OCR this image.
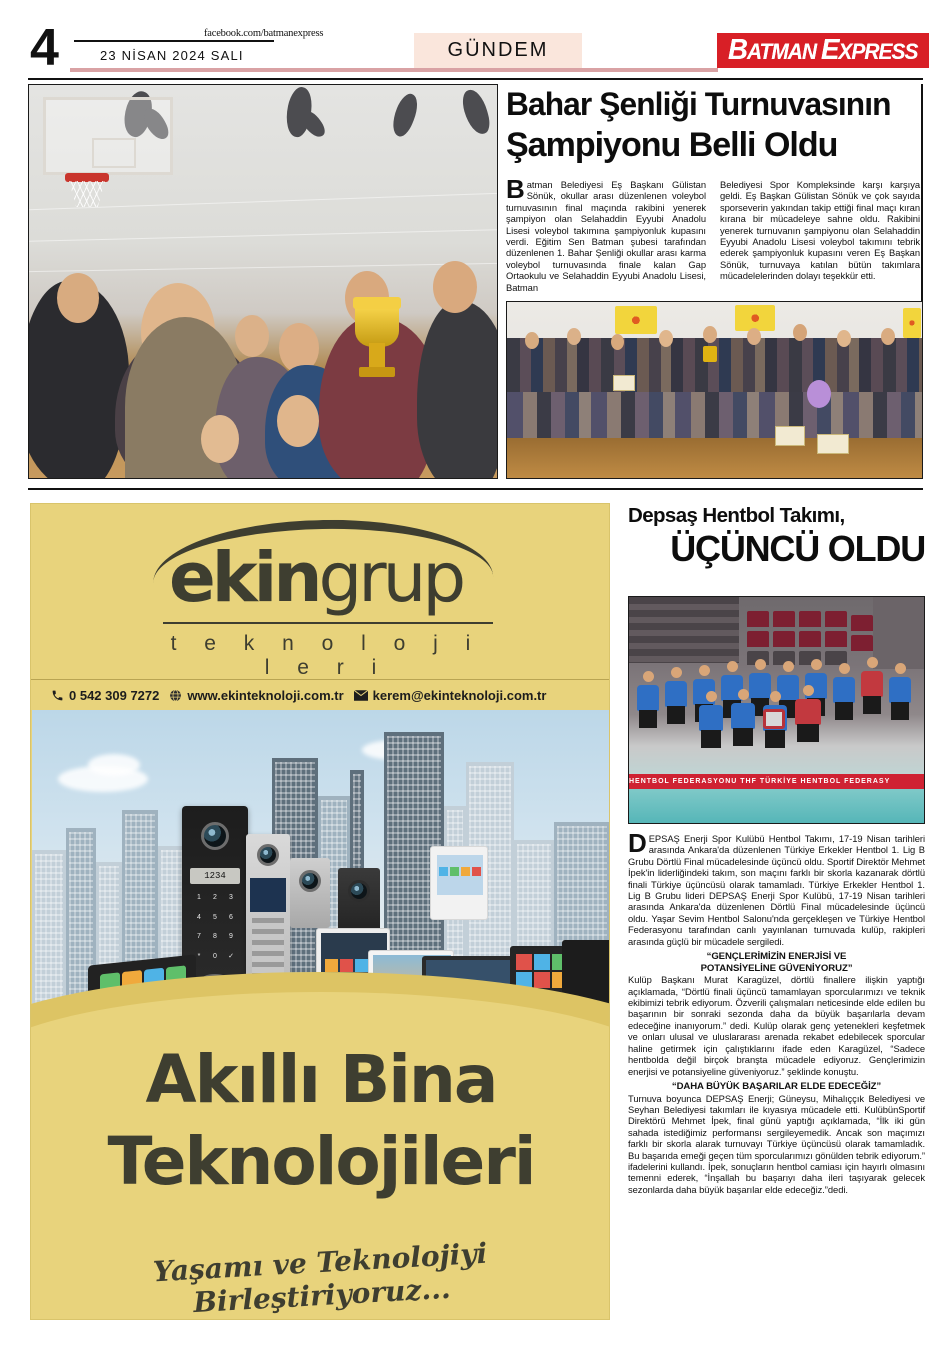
4	facebook.com/batmanexpress
23 NİSAN 2024 SALI	GÜNDEM	BATMAN EXPRESS
Bahar Şenliği Turnuvasının
Şampiyonu Belli Oldu
Batman Belediyesi Eş Başkanı Gülistan Sönük, okullar arası düzenlenen voleybol turnuvasının final maçında rakibini yenerek şampiyon olan Selahaddin Eyyubi Anadolu Lisesi voleybol takımına şampiyonluk kupasını verdi. Eğitim Sen Batman şubesi tarafından düzenlenen 1. Bahar Şenliği okullar arası karma voleybol turnuvasında finale kalan Gap Ortaokulu ve Selahaddin Eyyubi Anadolu Lisesi, Batman
Belediyesi Spor Kompleksinde karşı karşıya geldi. Eş Başkan Gülistan Sönük ve çok sayıda sporseverin yakından takip ettiği final maçı kıran kırana bir mücadeleye sahne oldu. Rakibini yenerek turnuvanın şampiyonu olan Selahaddin Eyyubi Anadolu Lisesi voleybol takımını tebrik ederek şampiyonluk kupasını veren Eş Başkan Sönük, turnuvaya katılan bütün takımlara mücadelelerinden dolayı teşekkür etti.
ekingrup
t e k n o l o j i l e r i
0 542 309 7272 www.ekinteknoloji.com.tr kerem@ekinteknoloji.com.tr
1234
1	2	3
4	5	6
7	8	9
*	0	✓
Akıllı Bina
Teknolojileri
Yaşamı ve Teknolojiyi Birleştiriyoruz...
Depsaş Hentbol Takımı,
ÜÇÜNCÜ OLDU
HENTBOL FEDERASYONU THF TÜRKİYE HENTBOL FEDERASY

DEPSAŞ Enerji Spor Kulübü Hentbol Takımı, 17-19 Nisan tarihleri arasında Ankara'da düzenlenen Türkiye Erkekler Hentbol 1. Lig B Grubu Dörtlü Final mücadelesinde üçüncü oldu. Sportif Direktör Mehmet İpek'in liderliğindeki takım, son maçını farklı bir skorla kazanarak dörtlü finali Türkiye üçüncüsü olarak tamamladı. Türkiye Erkekler Hentbol 1. Lig B Grubu lideri DEPSAŞ Enerji Spor Kulübü, 17-19 Nisan tarihleri arasında Ankara'da düzenlenen Dörtlü Final mücadelesinde üçüncü oldu. Yaşar Sevim Hentbol Salonu'nda gerçekleşen ve Türkiye Hentbol Federasyonu tarafından canlı yayınlanan turnuvada kulüp, rakipleri arasında güçlü bir mücadele sergiledi.

“GENÇLERİMİZİN ENERJİSİ VE
POTANSİYELİNE GÜVENİYORUZ”

Kulüp Başkanı Murat Karagüzel, dörtlü finallere ilişkin yaptığı açıklamada, “Dörtlü finali üçüncü tamamlayan sporcularımızı ve teknik ekibimizi tebrik ediyorum. Özverili çalışmaları neticesinde elde edilen bu başarının bir sonraki sezonda daha da büyük başarılarla devam edeceğine inanıyorum.” dedi. Kulüp olarak genç yetenekleri keşfetmek ve onları ulusal ve uluslararası arenada rekabet edebilecek sporcular haline getirmek için çalıştıklarını ifade eden Karagüzel, “Sadece hentbolda değil birçok branşta mücadele ediyoruz. Gençlerimizin enerjisi ve potansiyeline güveniyoruz.” şeklinde konuştu.

“DAHA BÜYÜK BAŞARILAR ELDE EDECEĞİZ”

Turnuva boyunca DEPSAŞ Enerji; Güneysu, Mihalıççık Belediyesi ve Seyhan Belediyesi takımları ile kıyasıya mücadele etti. KulübünSportif Direktörü Mehmet İpek, final günü yaptığı açıklamada, “İlk iki gün sahada istediğimiz performansı sergileyemedik. Ancak son maçımızı farklı bir skorla alarak turnuvayı Türkiye üçüncüsü olarak tamamladık. Bu başarıda emeği geçen tüm sporcularımızı gönülden tebrik ediyorum.” ifadelerini kullandı. İpek, sonuçların hentbol camiası için hayırlı olmasını temenni ederek, “İnşallah bu başarıyı daha ileri taşıyarak gelecek sezonlarda daha büyük başarılar elde edeceğiz.”dedi.
